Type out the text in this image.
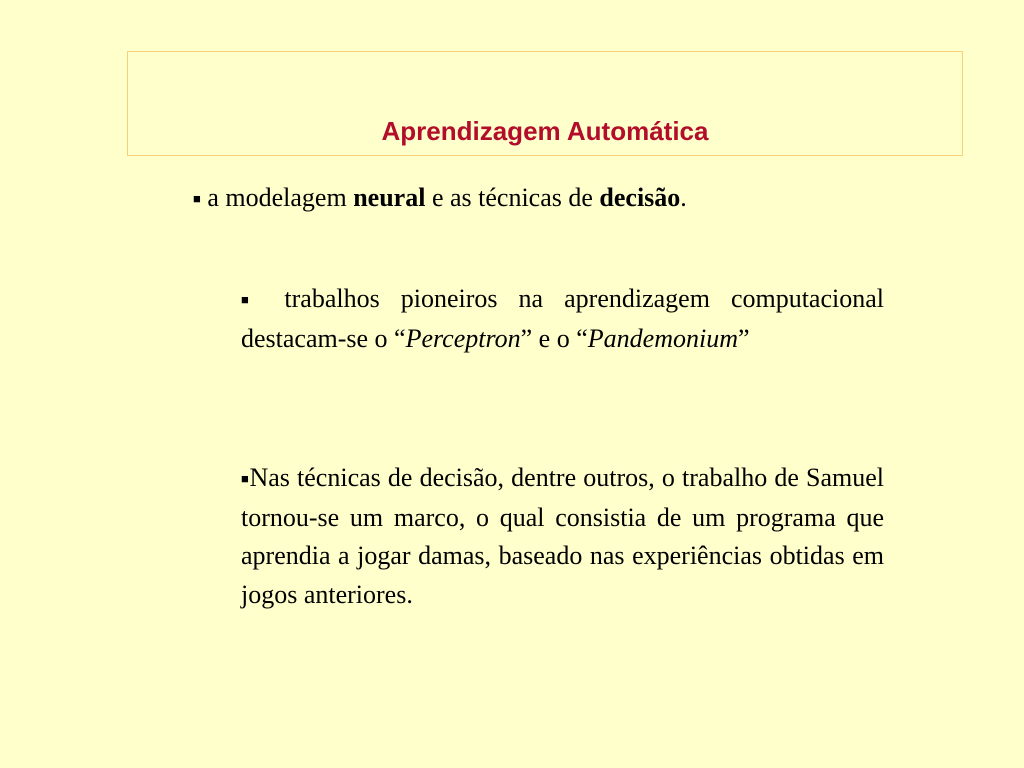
Aprendizagem Automática

■ a modelagem neural e as técnicas de decisão.

■ trabalhos pioneiros na aprendizagem computacional destacam-se o “Perceptron” e o “Pandemonium”

■Nas técnicas de decisão, dentre outros, o trabalho de Samuel tornou-se um marco, o qual consistia de um programa que aprendia a jogar damas, baseado nas experiências obtidas em jogos anteriores.
